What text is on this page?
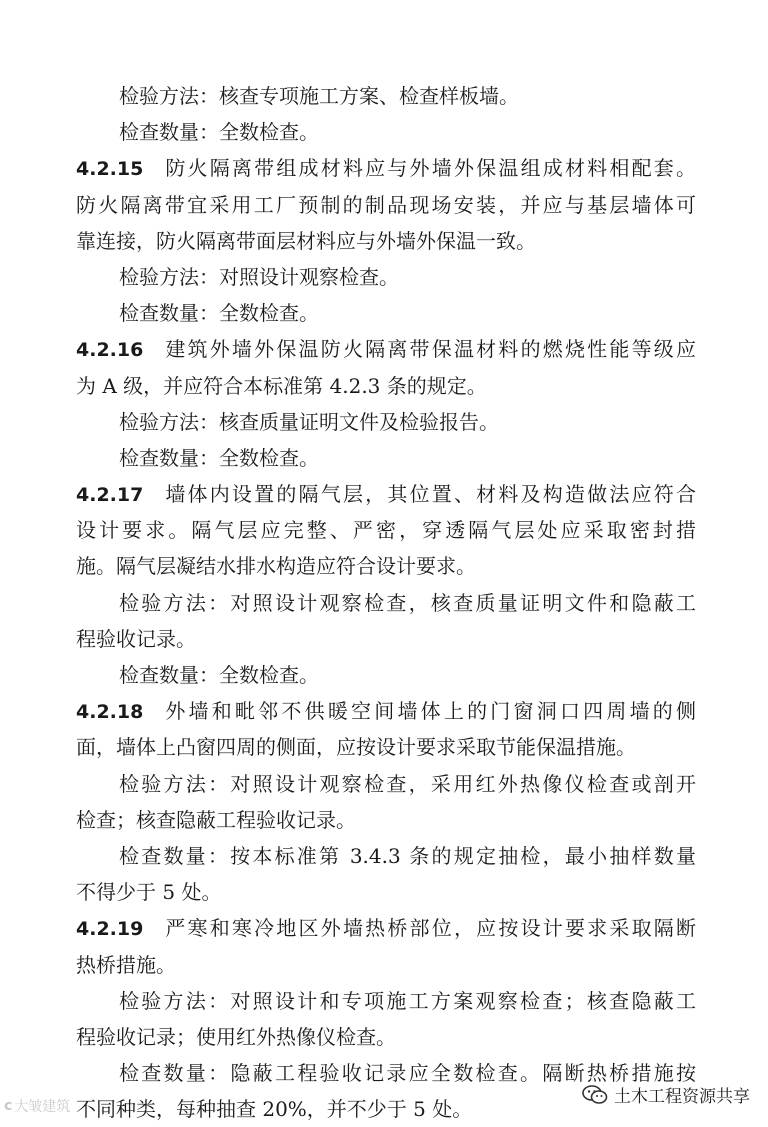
检验方法：核查专项施工方案、检查样板墙。
检查数量：全数检查。
4.2.15 防火隔离带组成材料应与外墙外保温组成材料相配套。
防火隔离带宜采用工厂预制的制品现场安装，并应与基层墙体可
靠连接，防火隔离带面层材料应与外墙外保温一致。
检验方法：对照设计观察检查。
检查数量：全数检查。
4.2.16 建筑外墙外保温防火隔离带保温材料的燃烧性能等级应
为 A 级，并应符合本标准第 4.2.3 条的规定。
检验方法：核查质量证明文件及检验报告。
检查数量：全数检查。
4.2.17 墙体内设置的隔气层，其位置、材料及构造做法应符合
设计要求。隔气层应完整、严密，穿透隔气层处应采取密封措
施。隔气层凝结水排水构造应符合设计要求。
检验方法：对照设计观察检查，核查质量证明文件和隐蔽工
程验收记录。
检查数量：全数检查。
4.2.18 外墙和毗邻不供暖空间墙体上的门窗洞口四周墙的侧
面，墙体上凸窗四周的侧面，应按设计要求采取节能保温措施。
检验方法：对照设计观察检查，采用红外热像仪检查或剖开
检查；核查隐蔽工程验收记录。
检查数量：按本标准第 3.4.3 条的规定抽检，最小抽样数量
不得少于 5 处。
4.2.19 严寒和寒冷地区外墙热桥部位，应按设计要求采取隔断
热桥措施。
检验方法：对照设计和专项施工方案观察检查；核查隐蔽工
程验收记录；使用红外热像仪检查。
检查数量：隐蔽工程验收记录应全数检查。隔断热桥措施按
不同种类，每种抽查 20%，并不少于 5 处。
c 大皱建筑	土木工程资源共享
